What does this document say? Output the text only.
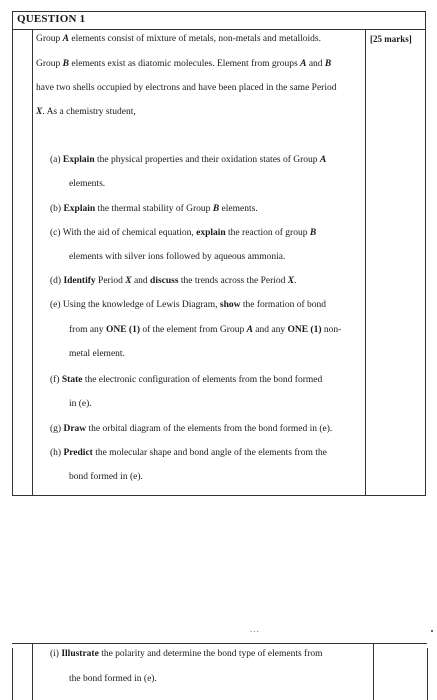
QUESTION 1
[25 marks]
Group A elements consist of mixture of metals, non-metals and metalloids.
Group B elements exist as diatomic molecules. Element from groups A and B
have two shells occupied by electrons and have been placed in the same Period
X. As a chemistry student,
(a) Explain the physical properties and their oxidation states of Group A
elements.
(b) Explain the thermal stability of Group B elements.
(c) With the aid of chemical equation, explain the reaction of group B
elements with silver ions followed by aqueous ammonia.
(d) Identify Period X and discuss the trends across the Period X.
(e) Using the knowledge of Lewis Diagram, show the formation of bond
from any ONE (1) of the element from Group A and any ONE (1) non-
metal element.
(f) State the electronic configuration of elements from the bond formed
in (e).
(g) Draw the orbital diagram of the elements from the bond formed in (e).
(h) Predict the molecular shape and bond angle of the elements from the
bond formed in (e).
...
(i) Illustrate the polarity and determine the bond type of elements from
the bond formed in (e).
